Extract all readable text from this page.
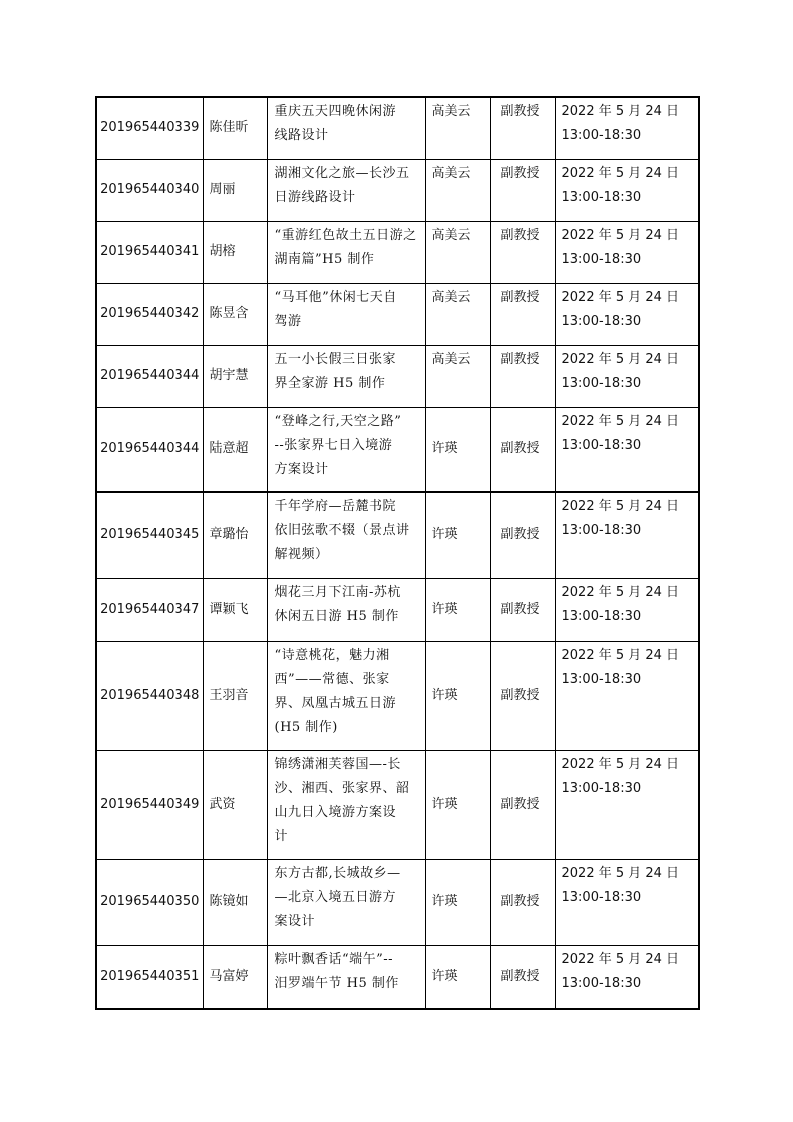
201965440339	陈佳昕	重庆五天四晚休闲游
线路设计	高美云	副教授	2022 年 5 月 24 日
13:00-18:30

201965440340	周丽	湖湘文化之旅—长沙五
日游线路设计	高美云	副教授	2022 年 5 月 24 日
13:00-18:30

201965440341	胡榕	“重游红色故土五日游之
湖南篇”H5 制作	高美云	副教授	2022 年 5 月 24 日
13:00-18:30

201965440342	陈昱含	“马耳他”休闲七天自
驾游	高美云	副教授	2022 年 5 月 24 日
13:00-18:30

201965440344	胡宇慧	五一小长假三日张家
界全家游 H5 制作	高美云	副教授	2022 年 5 月 24 日
13:00-18:30

201965440344	陆意超	“登峰之行,天空之路”
--张家界七日入境游
方案设计	许瑛	副教授	2022 年 5 月 24 日
13:00-18:30

201965440345	章璐怡	千年学府—岳麓书院
依旧弦歌不辍（景点讲
解视频）	许瑛	副教授	2022 年 5 月 24 日
13:00-18:30

201965440347	谭颖飞	烟花三月下江南-苏杭
休闲五日游 H5 制作	许瑛	副教授	2022 年 5 月 24 日
13:00-18:30

201965440348	王羽音	“诗意桃花，魅力湘
西”——常德、张家
界、凤凰古城五日游
(H5 制作)	许瑛	副教授	2022 年 5 月 24 日
13:00-18:30

201965440349	武资	锦绣潇湘芙蓉国—-长
沙、湘西、张家界、韶
山九日入境游方案设
计	许瑛	副教授	2022 年 5 月 24 日
13:00-18:30

201965440350	陈镜如	东方古都,长城故乡—
—北京入境五日游方
案设计	许瑛	副教授	2022 年 5 月 24 日
13:00-18:30

201965440351	马富婷	粽叶飘香话“端午”--
汨罗端午节 H5 制作	许瑛	副教授	2022 年 5 月 24 日
13:00-18:30
